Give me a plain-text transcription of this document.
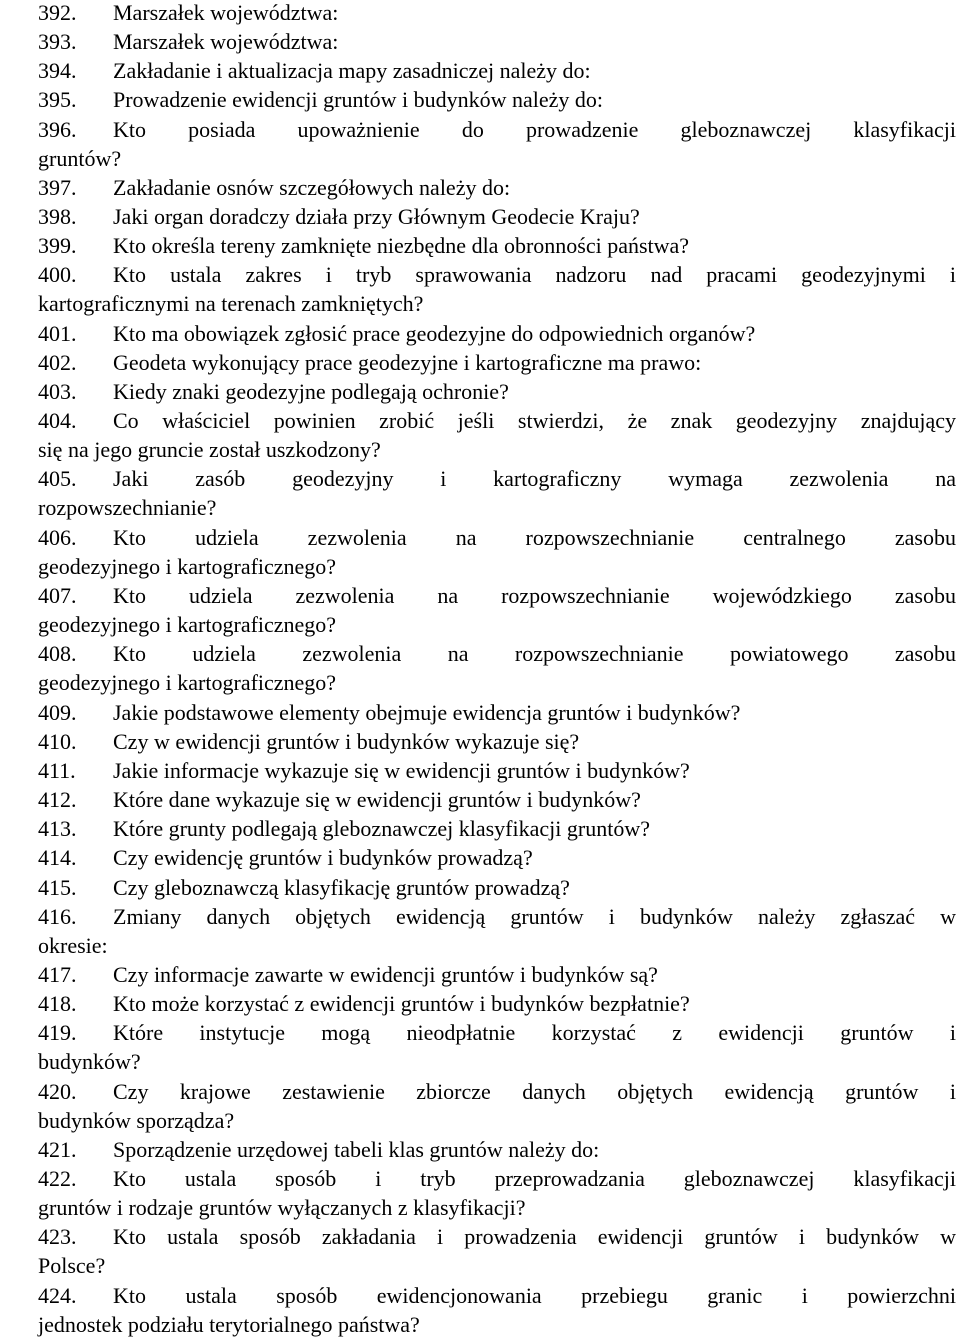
392. Marszałek województwa:
393. Marszałek województwa:
394. Zakładanie i aktualizacja mapy zasadniczej należy do:
395. Prowadzenie ewidencji gruntów i budynków należy do:
396. Kto posiada upoważnienie do prowadzenie gleboznawczej klasyfikacji
gruntów?
397. Zakładanie osnów szczegółowych należy do:
398. Jaki organ doradczy działa przy Głównym Geodecie Kraju?
399. Kto określa tereny zamknięte niezbędne dla obronności państwa?
400. Kto ustala zakres i tryb sprawowania nadzoru nad pracami geodezyjnymi i
kartograficznymi na terenach zamkniętych?
401. Kto ma obowiązek zgłosić prace geodezyjne do odpowiednich organów?
402. Geodeta wykonujący prace geodezyjne i kartograficzne ma prawo:
403. Kiedy znaki geodezyjne podlegają ochronie?
404. Co właściciel powinien zrobić jeśli stwierdzi, że znak geodezyjny znajdujący
się na jego gruncie został uszkodzony?
405. Jaki zasób geodezyjny i kartograficzny wymaga zezwolenia na
rozpowszechnianie?
406. Kto udziela zezwolenia na rozpowszechnianie centralnego zasobu
geodezyjnego i kartograficznego?
407. Kto udziela zezwolenia na rozpowszechnianie wojewódzkiego zasobu
geodezyjnego i kartograficznego?
408. Kto udziela zezwolenia na rozpowszechnianie powiatowego zasobu
geodezyjnego i kartograficznego?
409. Jakie podstawowe elementy obejmuje ewidencja gruntów i budynków?
410. Czy w ewidencji gruntów i budynków wykazuje się?
411. Jakie informacje wykazuje się w ewidencji gruntów i budynków?
412. Które dane wykazuje się w ewidencji gruntów i budynków?
413. Które grunty podlegają gleboznawczej klasyfikacji gruntów?
414. Czy ewidencję gruntów i budynków prowadzą?
415. Czy gleboznawczą klasyfikację gruntów prowadzą?
416. Zmiany danych objętych ewidencją gruntów i budynków należy zgłaszać w
okresie:
417. Czy informacje zawarte w ewidencji gruntów i budynków są?
418. Kto może korzystać z ewidencji gruntów i budynków bezpłatnie?
419. Które instytucje mogą nieodpłatnie korzystać z ewidencji gruntów i
budynków?
420. Czy krajowe zestawienie zbiorcze danych objętych ewidencją gruntów i
budynków sporządza?
421. Sporządzenie urzędowej tabeli klas gruntów należy do:
422. Kto ustala sposób i tryb przeprowadzania gleboznawczej klasyfikacji
gruntów i rodzaje gruntów wyłączanych z klasyfikacji?
423. Kto ustala sposób zakładania i prowadzenia ewidencji gruntów i budynków w
Polsce?
424. Kto ustala sposób ewidencjonowania przebiegu granic i powierzchni
jednostek podziału terytorialnego państwa?
